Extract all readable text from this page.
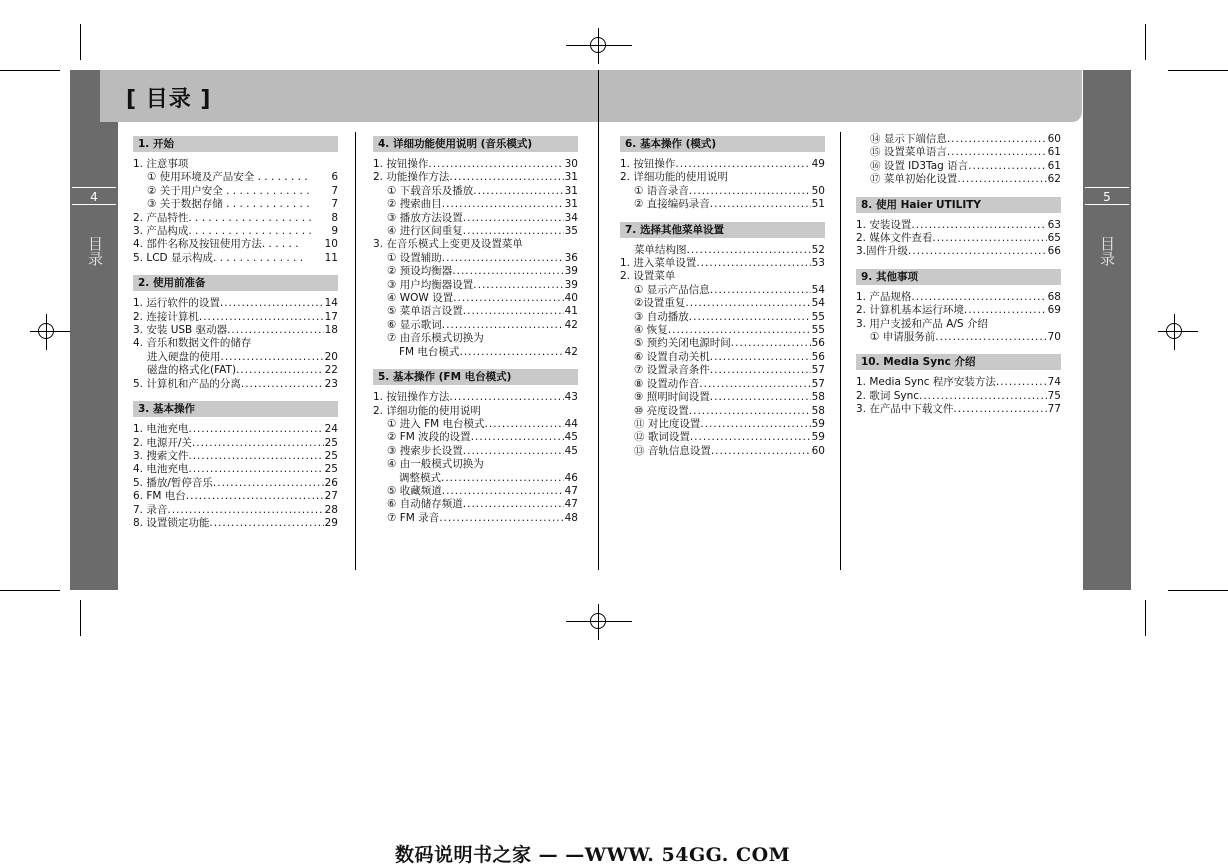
[ 目录 ]
4	5
目录	目录
1. 开始
1. 注意事项
① 使用环境及产品安全 . . . . . . . . 6
② 关于用户安全 . . . . . . . . . . . . . 7
③ 关于数据存储 . . . . . . . . . . . . . 7
2. 产品特性. . . . . . . . . . . . . . . . . . . 8
3. 产品构成. . . . . . . . . . . . . . . . . . . 9
4. 部件名称及按钮使用方法. . . . . . 10
5. LCD 显示构成. . . . . . . . . . . . . . 11
2. 使用前准备
1. 运行软件的设置 .....	14
2. 连接计算机 .....	17
3. 安装 USB 驱动器 .....	18
4. 音乐和数据文件的储存
进入硬盘的使用 .....	20
磁盘的格式化(FAT) .....	22
5. 计算机和产品的分离 .....	23
3. 基本操作
1. 电池充电 .....	24
2. 电源开/关 .....	25
3. 搜索文件 .....	25
4. 电池充电 .....	25
5. 播放/暂停音乐 .....	26
6. FM 电台 .....	27
7. 录音 .....	28
8. 设置锁定功能 .....	29
4. 详细功能使用说明 (音乐模式)
1. 按钮操作 .....	30
2. 功能操作方法 .....	31
① 下载音乐及播放 .....	31
② 搜索曲目 .....	31
③ 播放方法设置 .....	34
④ 进行区间重复 .....	35
3. 在音乐模式上变更及设置菜单
① 设置辅助 .....	36
② 预设均衡器 .....	39
③ 用户均衡器设置 .....	39
④ WOW 设置 .....	40
⑤ 菜单语言设置 .....	41
⑥ 显示歌词 .....	42
⑦ 由音乐模式切换为
FM 电台模式 .....	42
5. 基本操作 (FM 电台模式)
1. 按钮操作方法 .....	43
2. 详细功能的使用说明
① 进入 FM 电台模式 .....	44
② FM 波段的设置 .....	45
③ 搜索步长设置 .....	45
④ 由一般模式切换为
调整模式 .....	46
⑤ 收藏频道 .....	47
⑥ 自动储存频道 .....	47
⑦ FM 录音 .....	48
6. 基本操作 (模式)
1. 按钮操作 .....	49
2. 详细功能的使用说明
① 语音录音 .....	50
② 直接编码录音 .....	51
7. 选择其他菜单设置
菜单结构图 .....	52
1. 进入菜单设置 .....	53
2. 设置菜单
① 显示产品信息 .....	54
②设置重复 .....	54
③ 自动播放 .....	55
④ 恢复 .....	55
⑤ 预约关闭电源时间 .....	56
⑥ 设置自动关机 .....	56
⑦ 设置录音条件 .....	57
⑧ 设置动作音 .....	57
⑨ 照明时间设置 .....	58
⑩ 亮度设置 .....	58
⑪ 对比度设置 .....	59
⑫ 歌词设置 .....	59
⑬ 音轨信息设置 .....	60
⑭ 显示下端信息 .....	60
⑮ 设置菜单语言 .....	61
⑯ 设置 ID3Tag 语言 .....	61
⑰ 菜单初始化设置 .....	62
8. 使用 Haier UTILITY
1. 安装设置 .....	63
2. 媒体文件查看 .....	65
3.固件升级 .....	66
9. 其他事项
1. 产品规格 .....	68
2. 计算机基本运行环境 .....	69
3. 用户支援和产品 A/S 介绍
① 申请服务前 .....	70
10. Media Sync 介绍
1. Media Sync 程序安装方法 .....	74
2. 歌词 Sync .....	75
3. 在产品中下载文件 .....	77
数码说明书之家 — —WWW. 54GG. COM
